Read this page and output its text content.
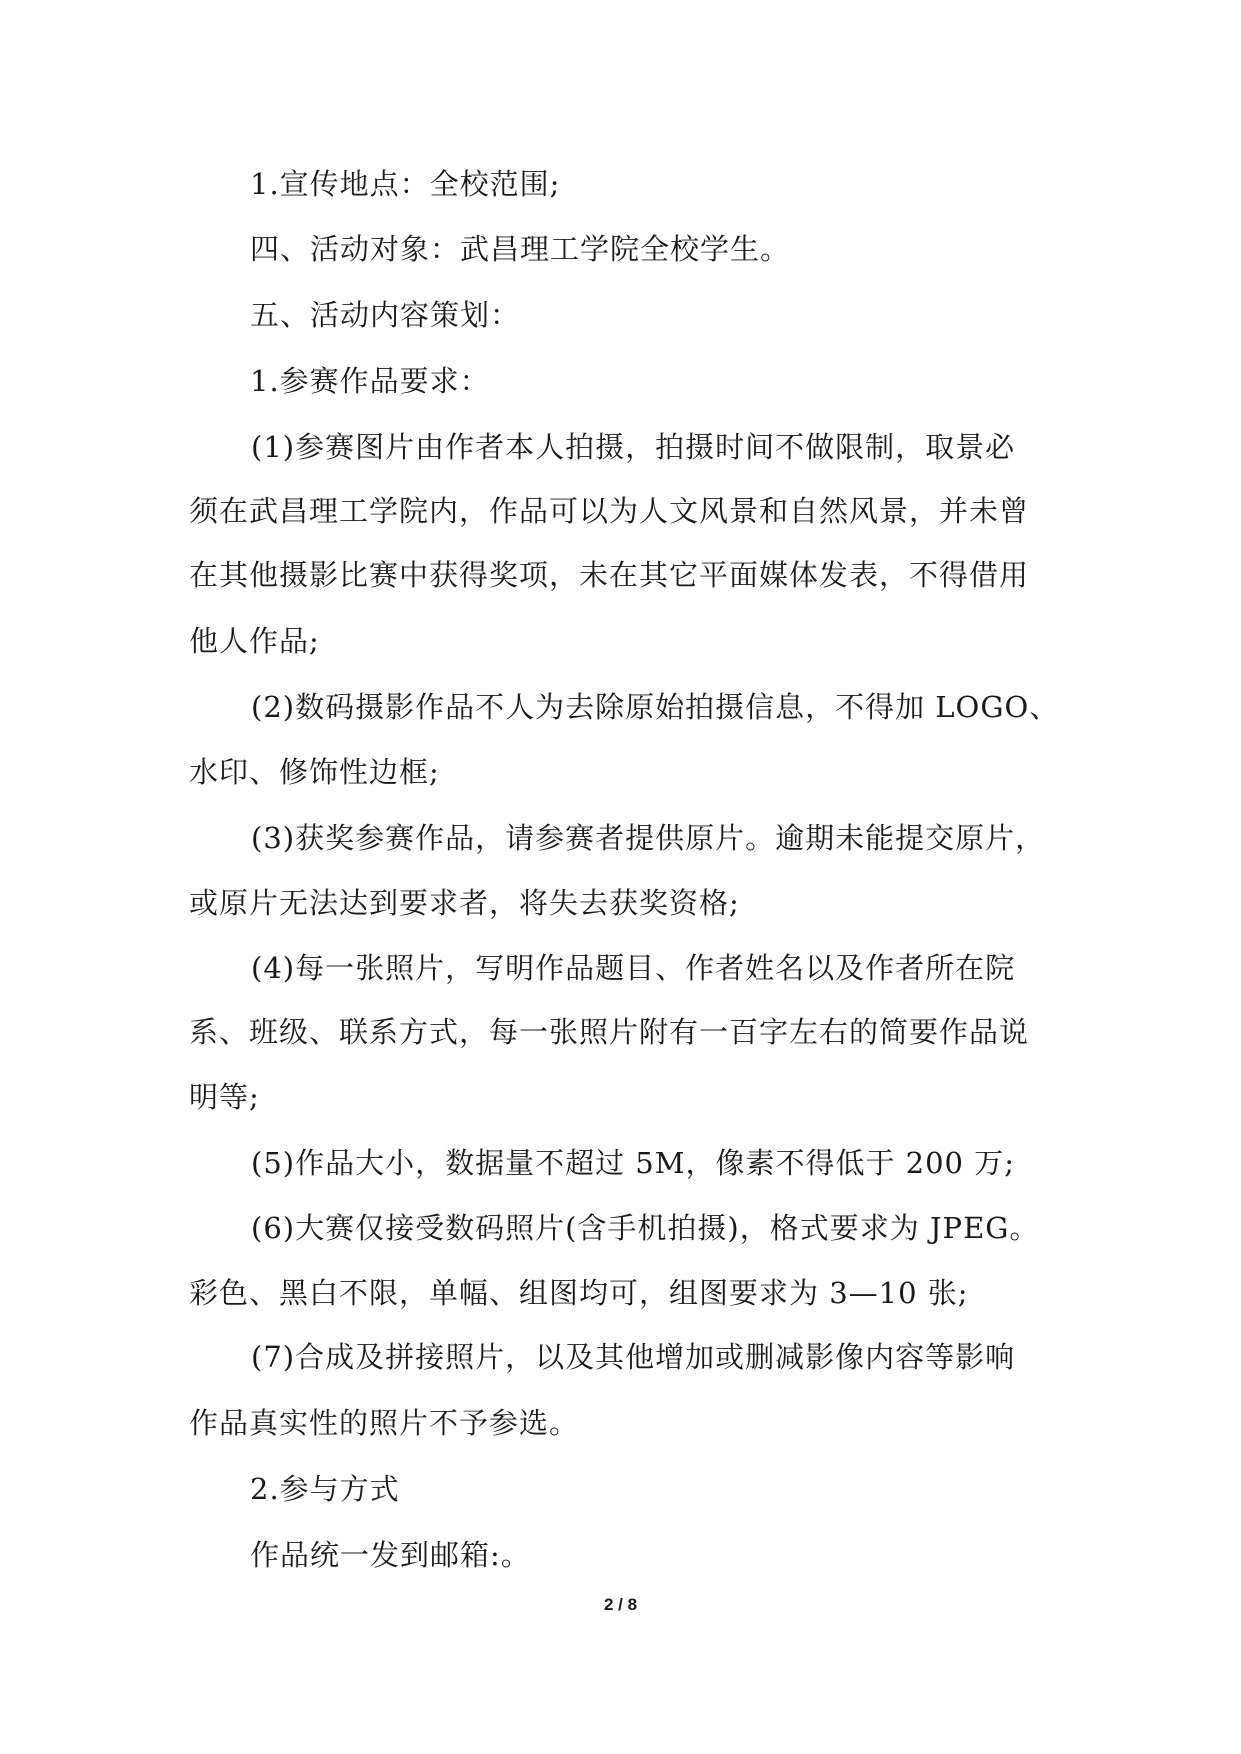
1.宣传地点：全校范围;
四、活动对象：武昌理工学院全校学生。
五、活动内容策划：
1.参赛作品要求：
(1)参赛图片由作者本人拍摄，拍摄时间不做限制，取景必
须在武昌理工学院内，作品可以为人文风景和自然风景，并未曾
在其他摄影比赛中获得奖项，未在其它平面媒体发表，不得借用
他人作品;
(2)数码摄影作品不人为去除原始拍摄信息，不得加 LOGO、
水印、修饰性边框;
(3)获奖参赛作品，请参赛者提供原片。逾期未能提交原片，
或原片无法达到要求者，将失去获奖资格;
(4)每一张照片，写明作品题目、作者姓名以及作者所在院
系、班级、联系方式，每一张照片附有一百字左右的简要作品说
明等;
(5)作品大小，数据量不超过 5M，像素不得低于 200 万;
(6)大赛仅接受数码照片(含手机拍摄)，格式要求为 JPEG。
彩色、黑白不限，单幅、组图均可，组图要求为 3—10 张;
(7)合成及拼接照片，以及其他增加或删减影像内容等影响
作品真实性的照片不予参选。
2.参与方式
作品统一发到邮箱:。
2 / 8
